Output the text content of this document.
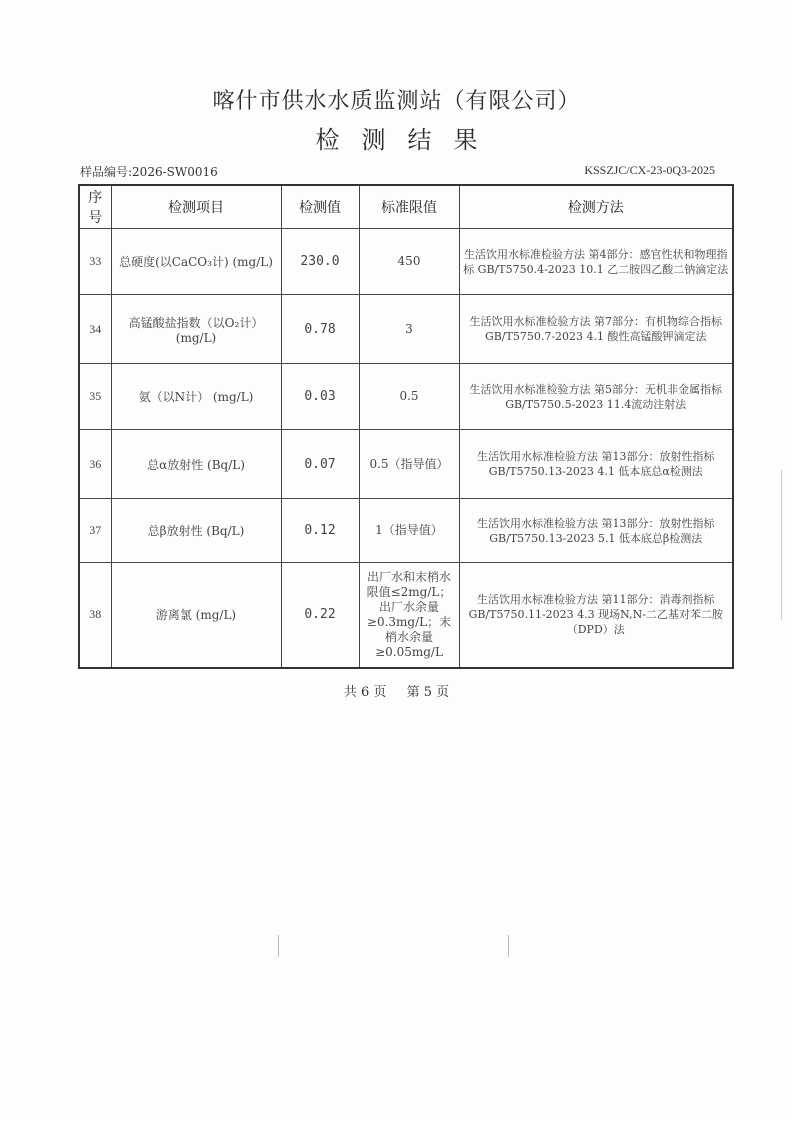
喀什市供水水质监测站（有限公司）
检测结果
样品编号:2026-SW0016	KSSZJC/CX-23-0Q3-2025
序号	检测项目	检测值	标准限值	检测方法
33	总硬度(以CaCO₃计) (mg/L)	230.0	450	生活饮用水标准检验方法 第4部分：感官性状和物理指标 GB/T5750.4-2023 10.1 乙二胺四乙酸二钠滴定法
34	高锰酸盐指数（以O₂计） (mg/L)	0.78	3	生活饮用水标准检验方法 第7部分：有机物综合指标 GB/T5750.7-2023 4.1 酸性高锰酸钾滴定法
35	氨（以N计） (mg/L)	0.03	0.5	生活饮用水标准检验方法 第5部分：无机非金属指标 GB/T5750.5-2023 11.4流动注射法
36	总α放射性 (Bq/L)	0.07	0.5（指导值）	生活饮用水标准检验方法 第13部分：放射性指标GB/T5750.13-2023 4.1 低本底总α检测法
37	总β放射性 (Bq/L)	0.12	1（指导值）	生活饮用水标准检验方法 第13部分：放射性指标GB/T5750.13-2023 5.1 低本底总β检测法
38	游离氯 (mg/L)	0.22	出厂水和末梢水限值≤2mg/L；出厂水余量≥0.3mg/L；末梢水余量≥0.05mg/L	生活饮用水标准检验方法 第11部分：消毒剂指标 GB/T5750.11-2023 4.3 现场N,N-二乙基对苯二胺（DPD）法
共 6 页 第 5 页
